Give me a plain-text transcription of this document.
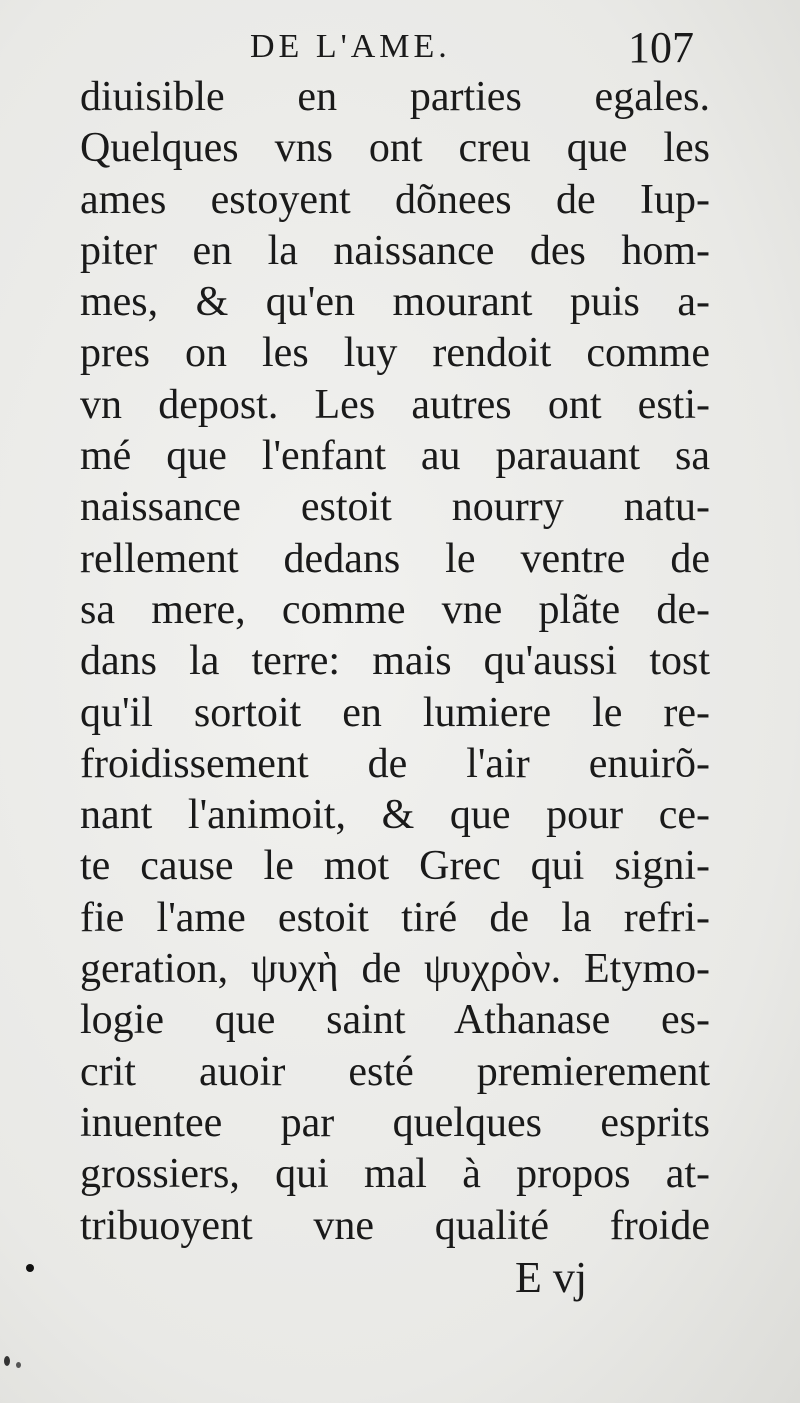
DE L'AME.	107
diuisible en parties egales.
Quelques vns ont creu que les
ames estoyent dõnees de Iup-
piter en la naissance des hom-
mes, & qu'en mourant puis a-
pres on les luy rendoit comme
vn depost. Les autres ont esti-
mé que l'enfant au parauant sa
naissance estoit nourry natu-
rellement dedans le ventre de
sa mere, comme vne plãte de-
dans la terre: mais qu'aussi tost
qu'il sortoit en lumiere le re-
froidissement de l'air enuirõ-
nant l'animoit, & que pour ce-
te cause le mot Grec qui signi-
fie l'ame estoit tiré de la refri-
geration, ψυχὴ de ψυχρὸν. Etymo-
logie que saint Athanase es-
crit auoir esté premierement
inuentee par quelques esprits
grossiers, qui mal à propos at-
tribuoyent vne qualité froide
E vj
